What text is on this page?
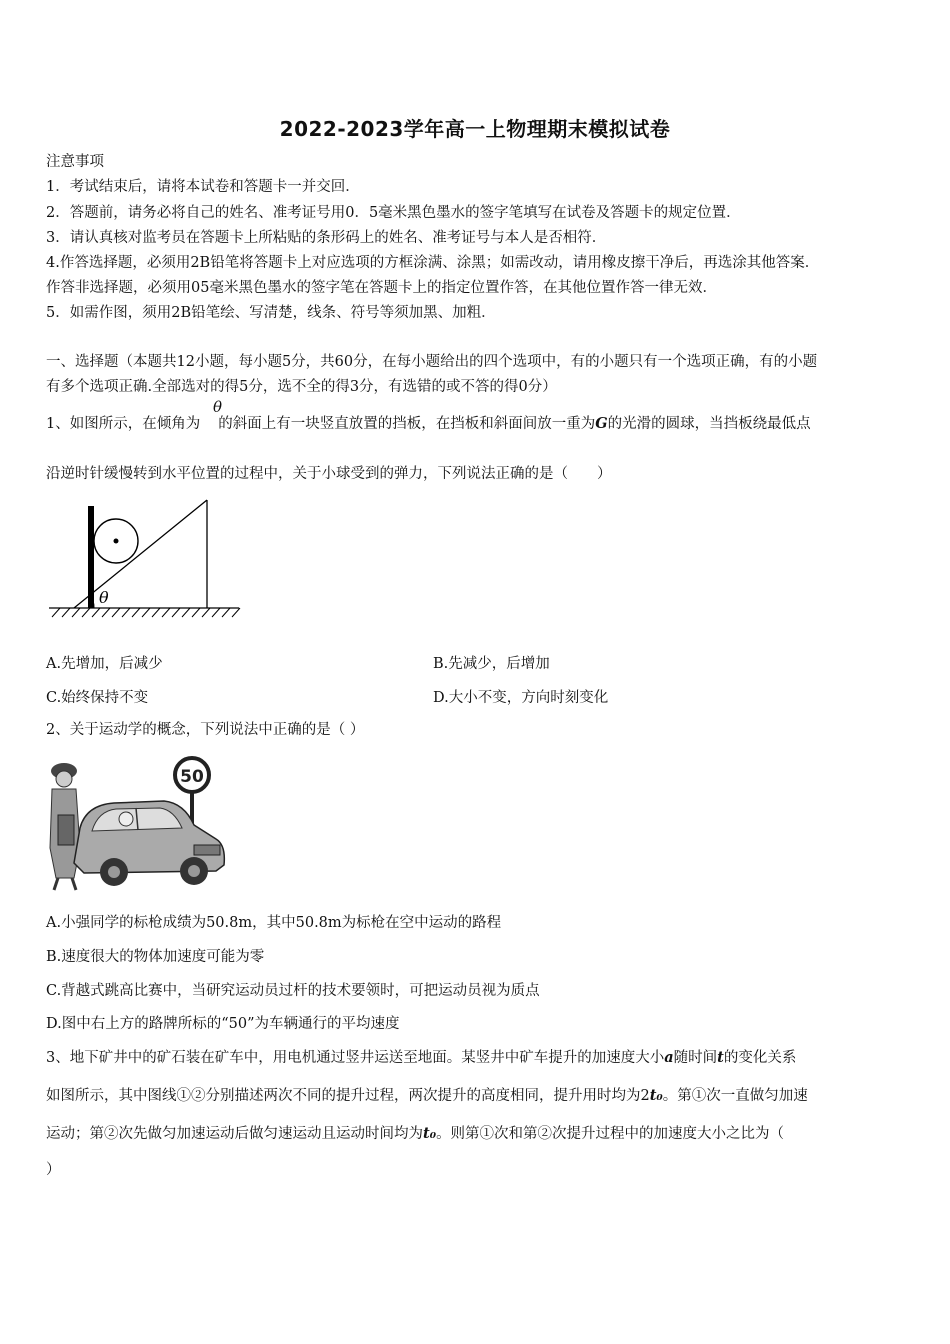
2022-2023学年高一上物理期末模拟试卷
注意事项
1．考试结束后，请将本试卷和答题卡一并交回．
2．答题前，请务必将自己的姓名、准考证号用0．5毫米黑色墨水的签字笔填写在试卷及答题卡的规定位置．
3．请认真核对监考员在答题卡上所粘贴的条形码上的姓名、准考证号与本人是否相符．
4.作答选择题，必须用2B铅笔将答题卡上对应选项的方框涂满、涂黑；如需改动，请用橡皮擦干净后，再选涂其他答案．
作答非选择题，必须用05毫米黑色墨水的签字笔在答题卡上的指定位置作答，在其他位置作答一律无效．
5．如需作图，须用2B铅笔绘、写清楚，线条、符号等须加黑、加粗．
一、选择题（本题共12小题，每小题5分，共60分，在每小题给出的四个选项中，有的小题只有一个选项正确，有的小题
有多个选项正确.全部选对的得5分，选不全的得3分，有选错的或不答的得0分）
1、如图所示，在倾角为 的斜面上有一块竖直放置的挡板，在挡板和斜面间放一重为G的光滑的圆球，当挡板绕最低点
θ
沿逆时针缓慢转到水平位置的过程中，关于小球受到的弹力，下列说法正确的是（　　）
θ
A.先增加，后减少	B.先减少，后增加
C.始终保持不变	D.大小不变，方向时刻变化
2、关于运动学的概念，下列说法中正确的是（ ）
50
A.小强同学的标枪成绩为50.8m，其中50.8m为标枪在空中运动的路程
B.速度很大的物体加速度可能为零
C.背越式跳高比赛中，当研究运动员过杆的技术要领时，可把运动员视为质点
D.图中右上方的路牌所标的“50”为车辆通行的平均速度
3、地下矿井中的矿石装在矿车中，用电机通过竖井运送至地面。某竖井中矿车提升的加速度大小a随时间t的变化关系
如图所示，其中图线①②分别描述两次不同的提升过程，两次提升的高度相同，提升用时均为2t₀。第①次一直做匀加速
运动；第②次先做匀加速运动后做匀速运动且运动时间均为t₀。则第①次和第②次提升过程中的加速度大小之比为（
）
